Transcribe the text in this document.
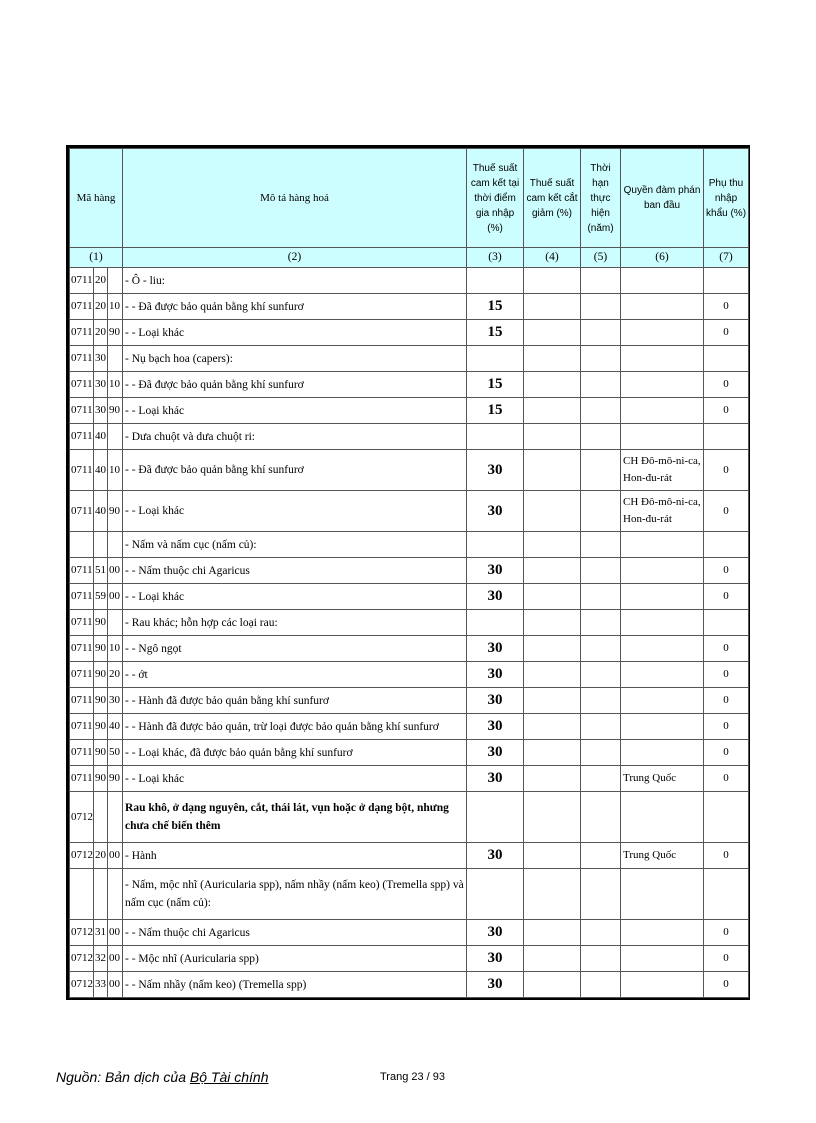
Mã hàng			Mô tả hàng hoá	Thuế suất cam kết tại thời điểm gia nhập (%)	Thuế suất cam kết cắt giảm (%)	Thời hạn thực hiện (năm)	Quyền đàm phán ban đầu	Phụ thu nhập khẩu (%)
(1)			(2)	(3)	(4)	(5)	(6)	(7)
0711	20		- Ô - liu:					
0711	20	10	- - Đã được bảo quản bằng khí sunfurơ	15				0
0711	20	90	- - Loại khác	15				0
0711	30		- Nụ bạch hoa (capers):					
0711	30	10	- - Đã được bảo quản bằng khí sunfurơ	15				0
0711	30	90	- - Loại khác	15				0
0711	40		- Dưa chuột và dưa chuột ri:					
0711	40	10	- - Đã được bảo quản bằng khí sunfurơ	30			CH Đô-mô-ni-ca, Hon-đu-rát	0
0711	40	90	- - Loại khác	30			CH Đô-mô-ni-ca, Hon-đu-rát	0
			- Nấm và nấm cục (nấm củ):					
0711	51	00	- - Nấm thuộc chi Agaricus	30				0
0711	59	00	- - Loại khác	30				0
0711	90		- Rau khác; hỗn hợp các loại rau:					
0711	90	10	- - Ngô ngọt	30				0
0711	90	20	- - ớt	30				0
0711	90	30	- - Hành đã được bảo quản bằng khí sunfurơ	30				0
0711	90	40	- - Hành đã được bảo quản, trừ loại được bảo quản bằng khí sunfurơ	30				0
0711	90	50	- - Loại khác, đã được bảo quản bằng khí sunfurơ	30				0
0711	90	90	- - Loại khác	30			Trung Quốc	0
0712			Rau khô, ở dạng nguyên, cắt, thái lát, vụn hoặc ở dạng bột, nhưng chưa chế biến thêm					
0712	20	00	- Hành	30			Trung Quốc	0
			- Nấm, mộc nhĩ (Auricularia spp), nấm nhầy (nấm keo) (Tremella spp) và nấm cục (nấm củ):					
0712	31	00	- - Nấm thuộc chi Agaricus	30				0
0712	32	00	- - Mộc nhĩ (Auricularia spp)	30				0
0712	33	00	- - Nấm nhầy (nấm keo) (Tremella spp)	30				0
Nguồn: Bản dịch của Bộ Tài chính	Trang 23 / 93
